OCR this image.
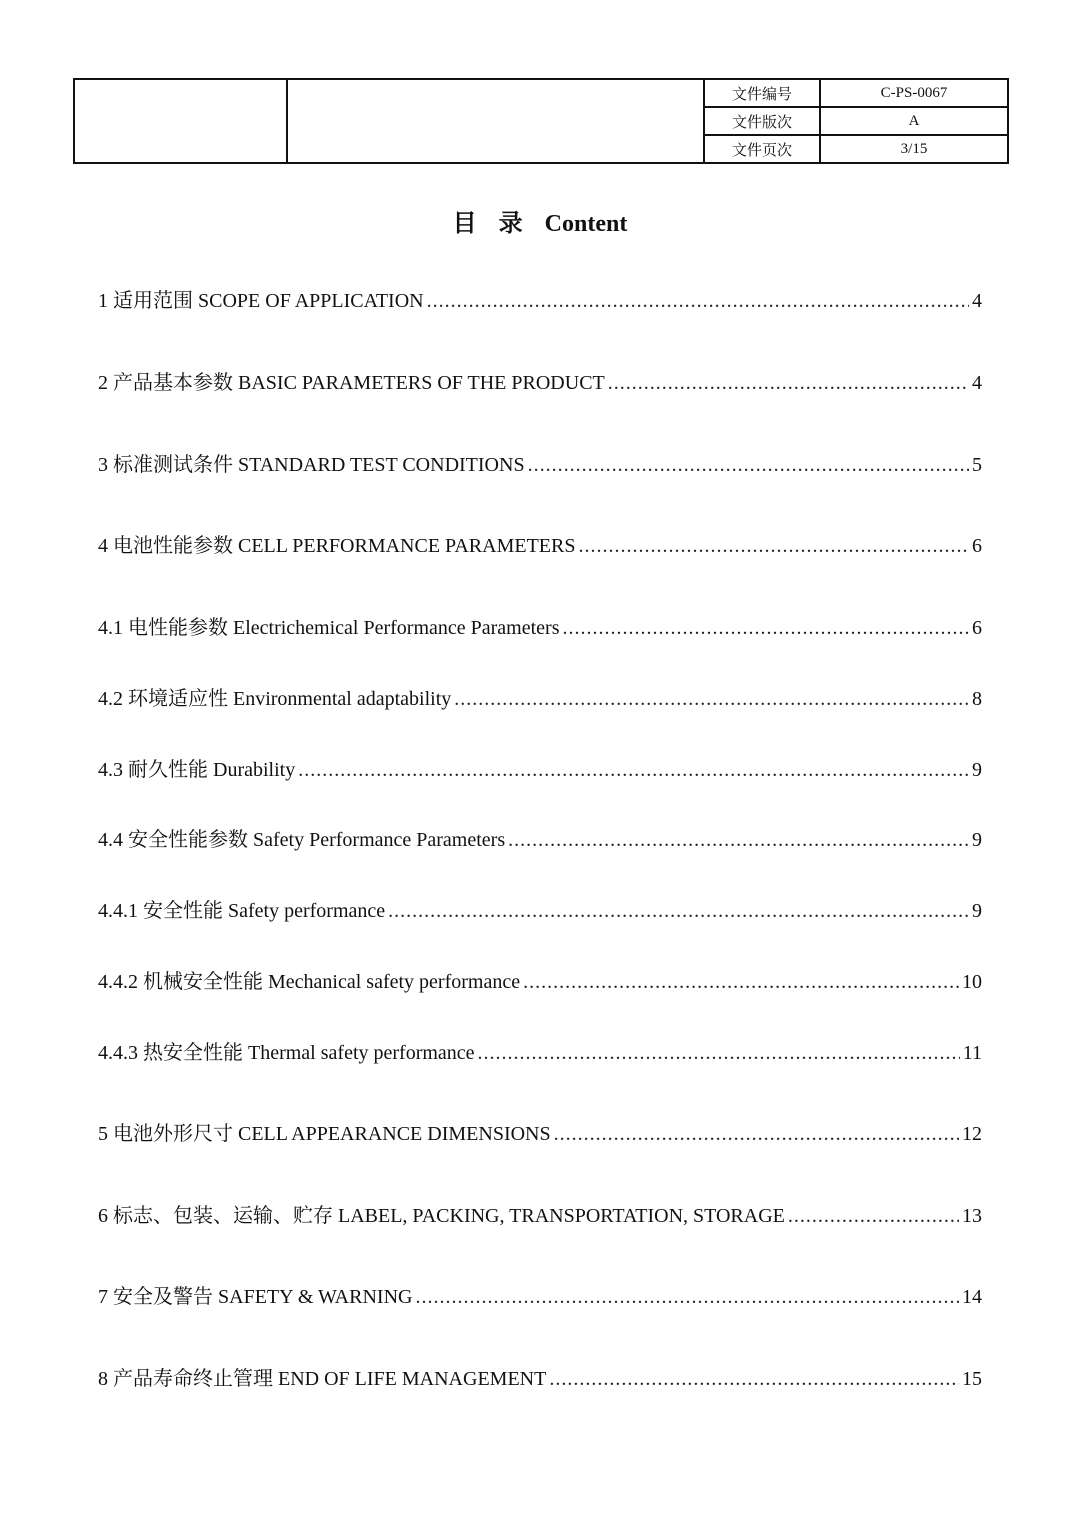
		文件编号	C-PS-0067
		文件版次	A
		文件页次	3/15
目录Content
1 适用范围 SCOPE OF APPLICATION .....	4
2 产品基本参数 BASIC PARAMETERS OF THE PRODUCT .....	4
3 标准测试条件 STANDARD TEST CONDITIONS .....	5
4 电池性能参数 CELL PERFORMANCE PARAMETERS .....	6
4.1 电性能参数 Electrichemical Performance Parameters .....	6
4.2 环境适应性 Environmental adaptability .....	8
4.3 耐久性能 Durability .....	9
4.4 安全性能参数 Safety Performance Parameters .....	9
4.4.1 安全性能 Safety performance .....	9
4.4.2 机械安全性能 Mechanical safety performance .....	10
4.4.3 热安全性能 Thermal safety performance .....	11
5 电池外形尺寸 CELL APPEARANCE DIMENSIONS .....	12
6 标志、包装、运输、贮存 LABEL, PACKING, TRANSPORTATION, STORAGE .....	13
7 安全及警告 SAFETY & WARNING .....	14
8 产品寿命终止管理 END OF LIFE MANAGEMENT .....	15
